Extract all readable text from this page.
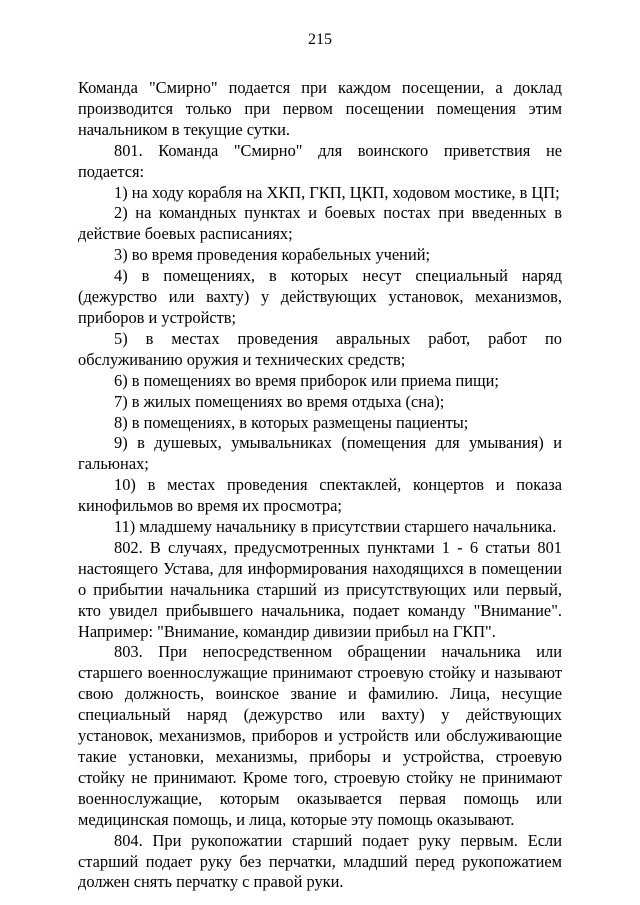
215

Команда "Смирно" подается при каждом посещении, а доклад производится только при первом посещении помещения этим начальником в текущие сутки.

801. Команда "Смирно" для воинского приветствия не подается:

1) на ходу корабля на ХКП, ГКП, ЦКП, ходовом мостике, в ЦП;

2) на командных пунктах и боевых постах при введенных в действие боевых расписаниях;

3) во время проведения корабельных учений;

4) в помещениях, в которых несут специальный наряд (дежурство или вахту) у действующих установок, механизмов, приборов и устройств;

5) в местах проведения авральных работ, работ по обслуживанию оружия и технических средств;

6) в помещениях во время приборок или приема пищи;

7) в жилых помещениях во время отдыха (сна);

8) в помещениях, в которых размещены пациенты;

9) в душевых, умывальниках (помещения для умывания) и гальюнах;

10) в местах проведения спектаклей, концертов и показа кинофильмов во время их просмотра;

11) младшему начальнику в присутствии старшего начальника.

802. В случаях, предусмотренных пунктами 1 - 6 статьи 801 настоящего Устава, для информирования находящихся в помещении о прибытии начальника старший из присутствующих или первый, кто увидел прибывшего начальника, подает команду "Внимание". Например: "Внимание, командир дивизии прибыл на ГКП".

803. При непосредственном обращении начальника или старшего военнослужащие принимают строевую стойку и называют свою должность, воинское звание и фамилию. Лица, несущие специальный наряд (дежурство или вахту) у действующих установок, механизмов, приборов и устройств или обслуживающие такие установки, механизмы, приборы и устройства, строевую стойку не принимают. Кроме того, строевую стойку не принимают военнослужащие, которым оказывается первая помощь или медицинская помощь, и лица, которые эту помощь оказывают.

804. При рукопожатии старший подает руку первым. Если старший подает руку без перчатки, младший перед рукопожатием должен снять перчатку с правой руки.
